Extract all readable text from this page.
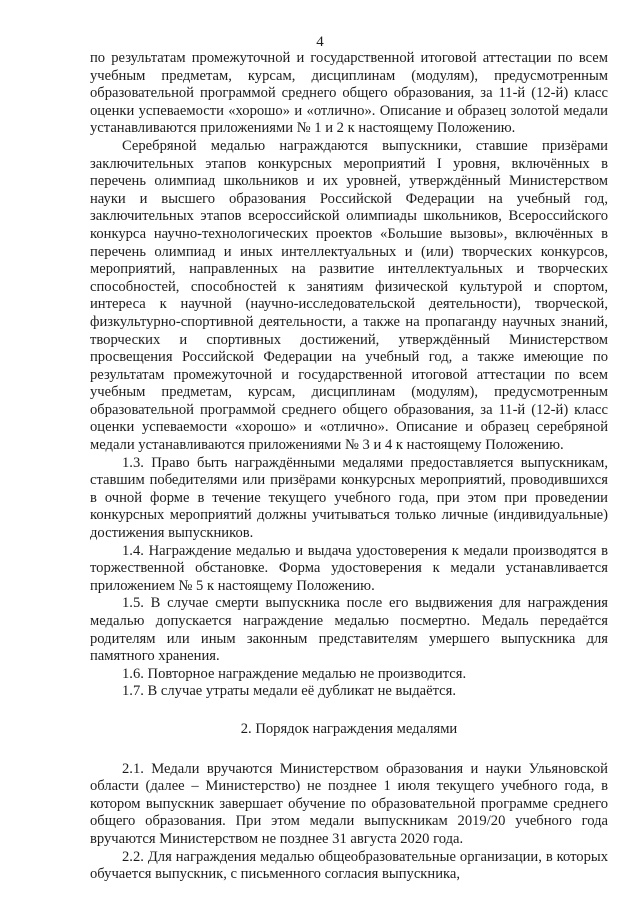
4

по результатам промежуточной и государственной итоговой аттестации по всем учебным предметам, курсам, дисциплинам (модулям), предусмотренным образовательной программой среднего общего образования, за 11-й (12-й) класс оценки успеваемости «хорошо» и «отлично». Описание и образец золотой медали устанавливаются приложениями № 1 и 2 к настоящему Положению.

Серебряной медалью награждаются выпускники, ставшие призёрами заключительных этапов конкурсных мероприятий I уровня, включённых в перечень олимпиад школьников и их уровней, утверждённый Министерством науки и высшего образования Российской Федерации на учебный год, заключительных этапов всероссийской олимпиады школьников, Всероссийского конкурса научно-технологических проектов «Большие вызовы», включённых в перечень олимпиад и иных интеллектуальных и (или) творческих конкурсов, мероприятий, направленных на развитие интеллектуальных и творческих способностей, способностей к занятиям физической культурой и спортом, интереса к научной (научно-исследовательской деятельности), творческой, физкультурно-спортивной деятельности, а также на пропаганду научных знаний, творческих и спортивных достижений, утверждённый Министерством просвещения Российской Федерации на учебный год, а также имеющие по результатам промежуточной и государственной итоговой аттестации по всем учебным предметам, курсам, дисциплинам (модулям), предусмотренным образовательной программой среднего общего образования, за 11-й (12-й) класс оценки успеваемости «хорошо» и «отлично». Описание и образец серебряной медали устанавливаются приложениями № 3 и 4 к настоящему Положению.

1.3. Право быть награждёнными медалями предоставляется выпускникам, ставшим победителями или призёрами конкурсных мероприятий, проводившихся в очной форме в течение текущего учебного года, при этом при проведении конкурсных мероприятий должны учитываться только личные (индивидуальные) достижения выпускников.

1.4. Награждение медалью и выдача удостоверения к медали производятся в торжественной обстановке. Форма удостоверения к медали устанавливается приложением № 5 к настоящему Положению.

1.5. В случае смерти выпускника после его выдвижения для награждения медалью допускается награждение медалью посмертно. Медаль передаётся родителям или иным законным представителям умершего выпускника для памятного хранения.

1.6. Повторное награждение медалью не производится.

1.7. В случае утраты медали её дубликат не выдаётся.

2. Порядок награждения медалями

2.1. Медали вручаются Министерством образования и науки Ульяновской области (далее – Министерство) не позднее 1 июля текущего учебного года, в котором выпускник завершает обучение по образовательной программе среднего общего образования. При этом медали выпускникам 2019/20 учебного года вручаются Министерством не позднее 31 августа 2020 года.

2.2. Для награждения медалью общеобразовательные организации, в которых обучается выпускник, с письменного согласия выпускника,
